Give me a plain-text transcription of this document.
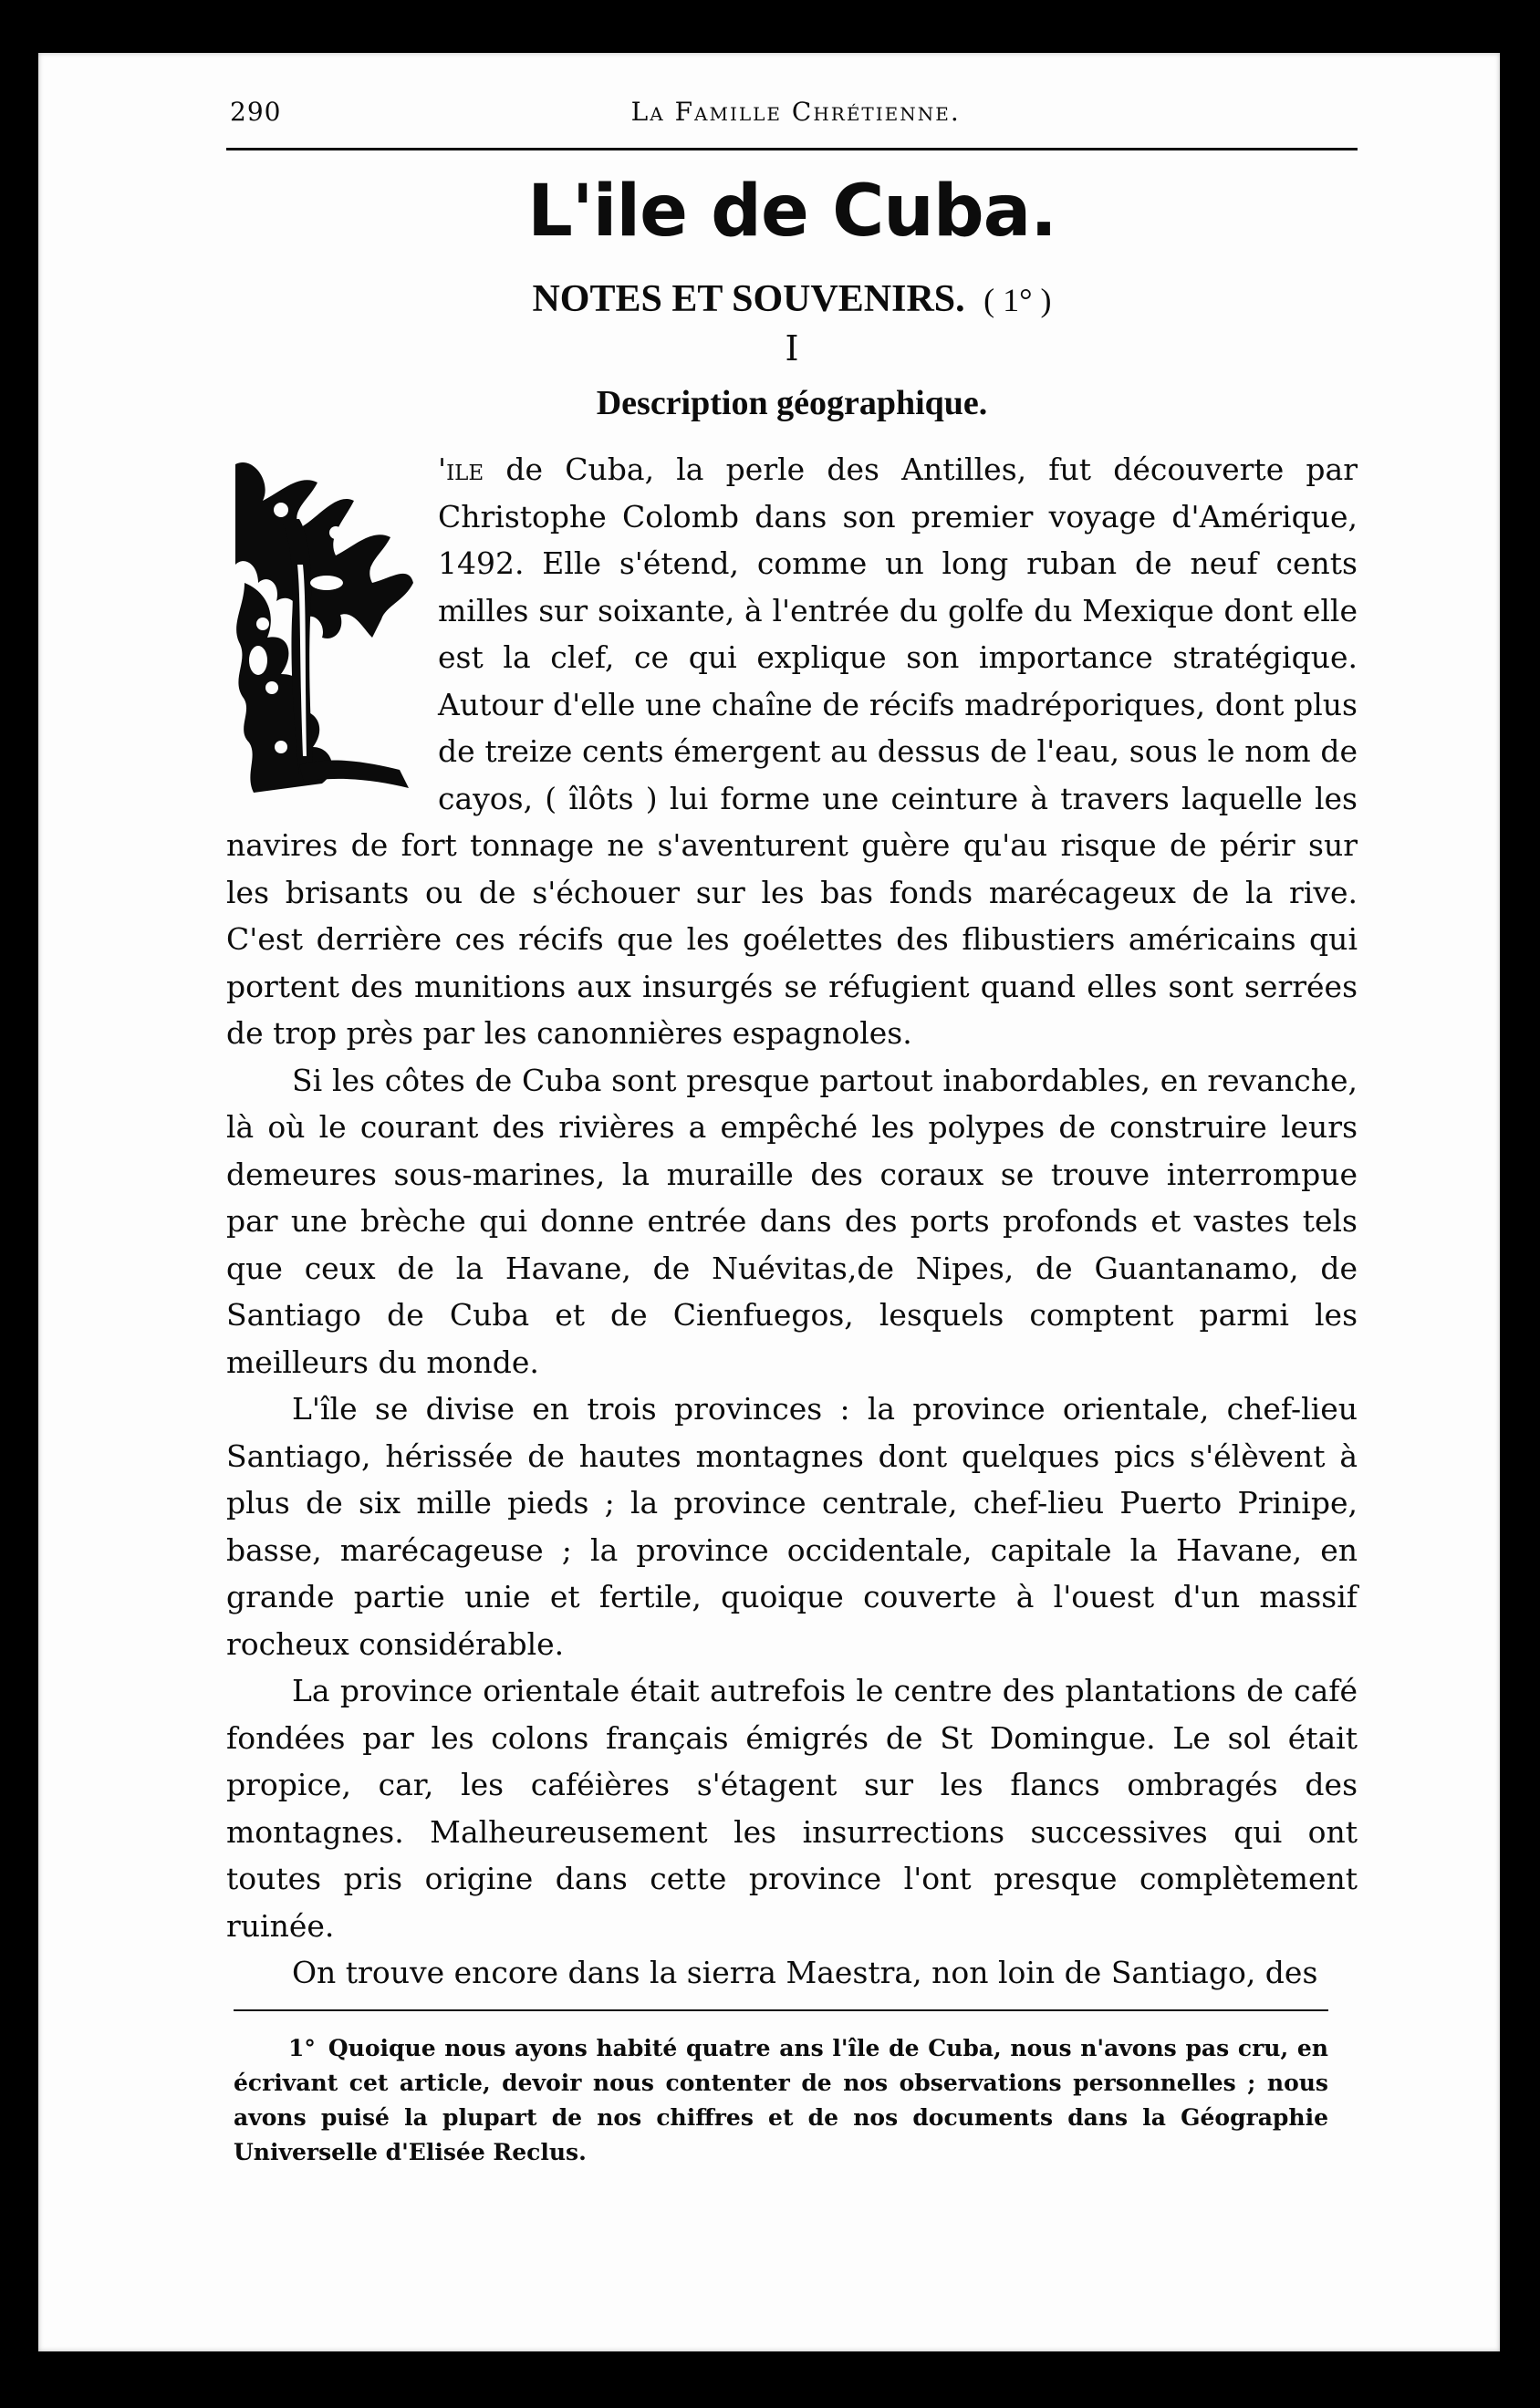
290	La Famille Chrétienne.
L'ile de Cuba.
NOTES ET SOUVENIRS. ( 1° )
I
Description géographique.

'ile de Cuba, la perle des Antilles, fut découverte par Christophe Colomb dans son premier voyage d'Amérique, 1492. Elle s'étend, comme un long ruban de neuf cents milles sur soixante, à l'entrée du golfe du Mexique dont elle est la clef, ce qui explique son importance stratégique. Autour d'elle une chaîne de récifs madréporiques, dont plus de treize cents émergent au dessus de l'eau, sous le nom de cayos, ( îlôts ) lui forme une ceinture à travers laquelle les navires de fort tonnage ne s'aventurent guère qu'au risque de périr sur les brisants ou de s'échouer sur les bas fonds marécageux de la rive. C'est derrière ces récifs que les goélettes des flibustiers américains qui portent des munitions aux insurgés se réfugient quand elles sont serrées de trop près par les canonnières espagnoles.

Si les côtes de Cuba sont presque partout inabordables, en revanche, là où le courant des rivières a empêché les polypes de construire leurs demeures sous-marines, la muraille des coraux se trouve interrompue par une brèche qui donne entrée dans des ports profonds et vastes tels que ceux de la Havane, de Nuévitas,de Nipes, de Guantanamo, de Santiago de Cuba et de Cienfuegos, lesquels comptent parmi les meilleurs du monde.

L'île se divise en trois provinces : la province orientale, chef-lieu Santiago, hérissée de hautes montagnes dont quelques pics s'élèvent à plus de six mille pieds ; la province centrale, chef-lieu Puerto Prinipe, basse, marécageuse ; la province occidentale, capitale la Havane, en grande partie unie et fertile, quoique couverte à l'ouest d'un massif rocheux considérable.

La province orientale était autrefois le centre des plantations de café fondées par les colons français émigrés de St Domingue. Le sol était propice, car, les caféières s'étagent sur les flancs ombragés des montagnes. Malheureusement les insurrections successives qui ont toutes pris origine dans cette province l'ont presque complètement ruinée.

On trouve encore dans la sierra Maestra, non loin de Santiago, des

1° Quoique nous ayons habité quatre ans l'île de Cuba, nous n'avons pas cru, en écrivant cet article, devoir nous contenter de nos observations personnelles ; nous avons puisé la plupart de nos chiffres et de nos documents dans la Géographie Universelle d'Elisée Reclus.
